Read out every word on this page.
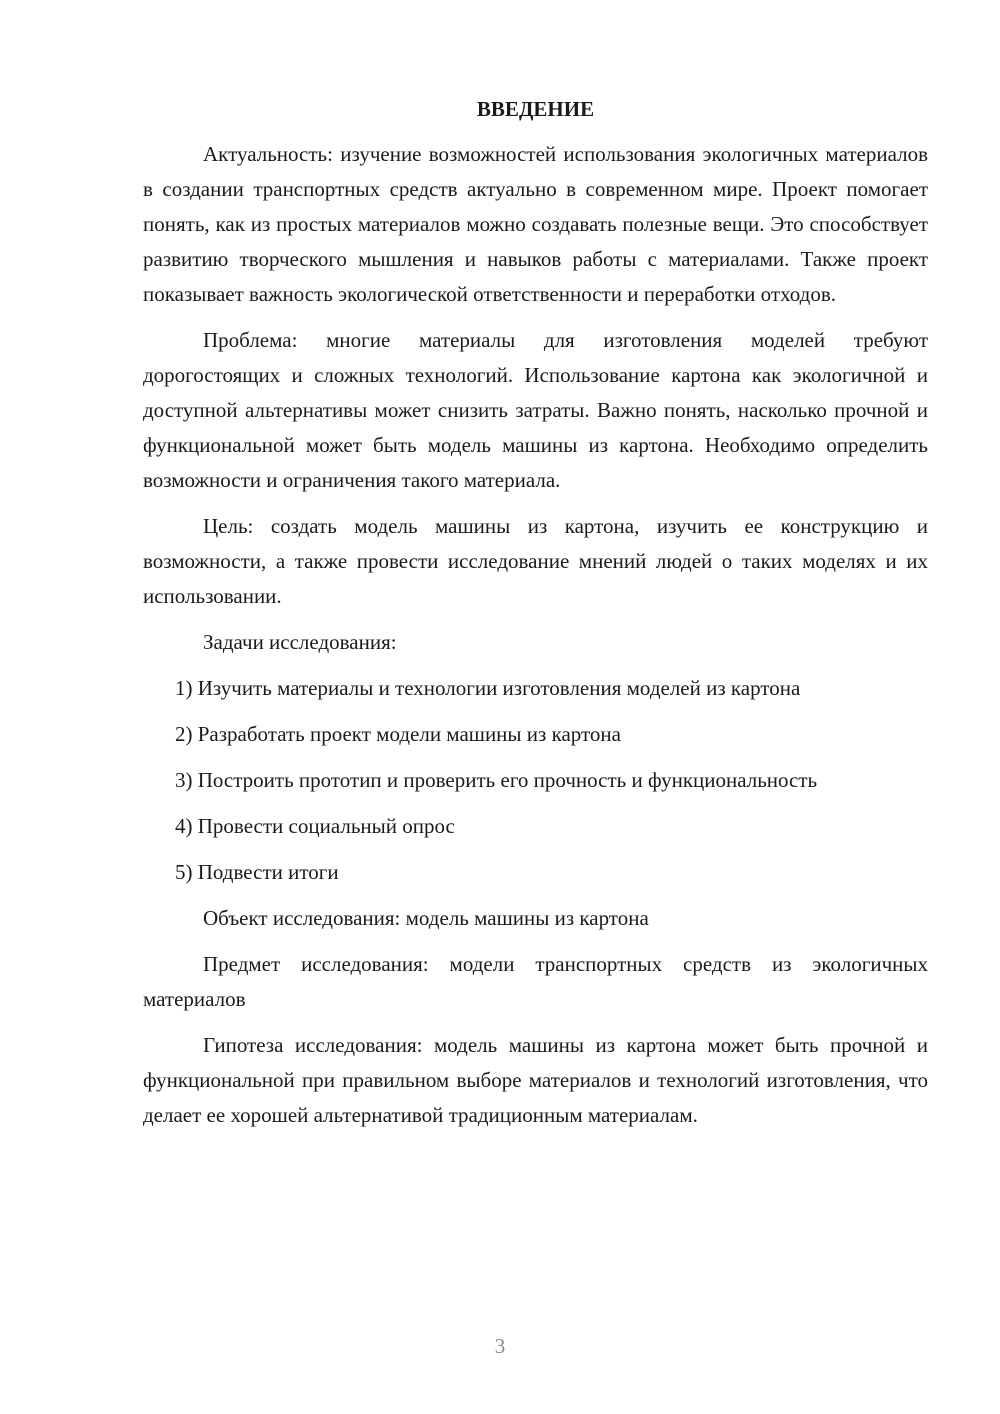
ВВЕДЕНИЕ

Актуальность: изучение возможностей использования экологичных материалов в создании транспортных средств актуально в современном мире. Проект помогает понять, как из простых материалов можно создавать полезные вещи. Это способствует развитию творческого мышления и навыков работы с материалами. Также проект показывает важность экологической ответственности и переработки отходов.

Проблема: многие материалы для изготовления моделей требуют дорогостоящих и сложных технологий. Использование картона как экологичной и доступной альтернативы может снизить затраты. Важно понять, насколько прочной и функциональной может быть модель машины из картона. Необходимо определить возможности и ограничения такого материала.

Цель: создать модель машины из картона, изучить ее конструкцию и возможности, а также провести исследование мнений людей о таких моделях и их использовании.

Задачи исследования:

1) Изучить материалы и технологии изготовления моделей из картона

2) Разработать проект модели машины из картона

3) Построить прототип и проверить его прочность и функциональность

4) Провести социальный опрос

5) Подвести итоги

Объект исследования: модель машины из картона

Предмет исследования: модели транспортных средств из экологичных материалов

Гипотеза исследования: модель машины из картона может быть прочной и функциональной при правильном выборе материалов и технологий изготовления, что делает ее хорошей альтернативой традиционным материалам.

3
